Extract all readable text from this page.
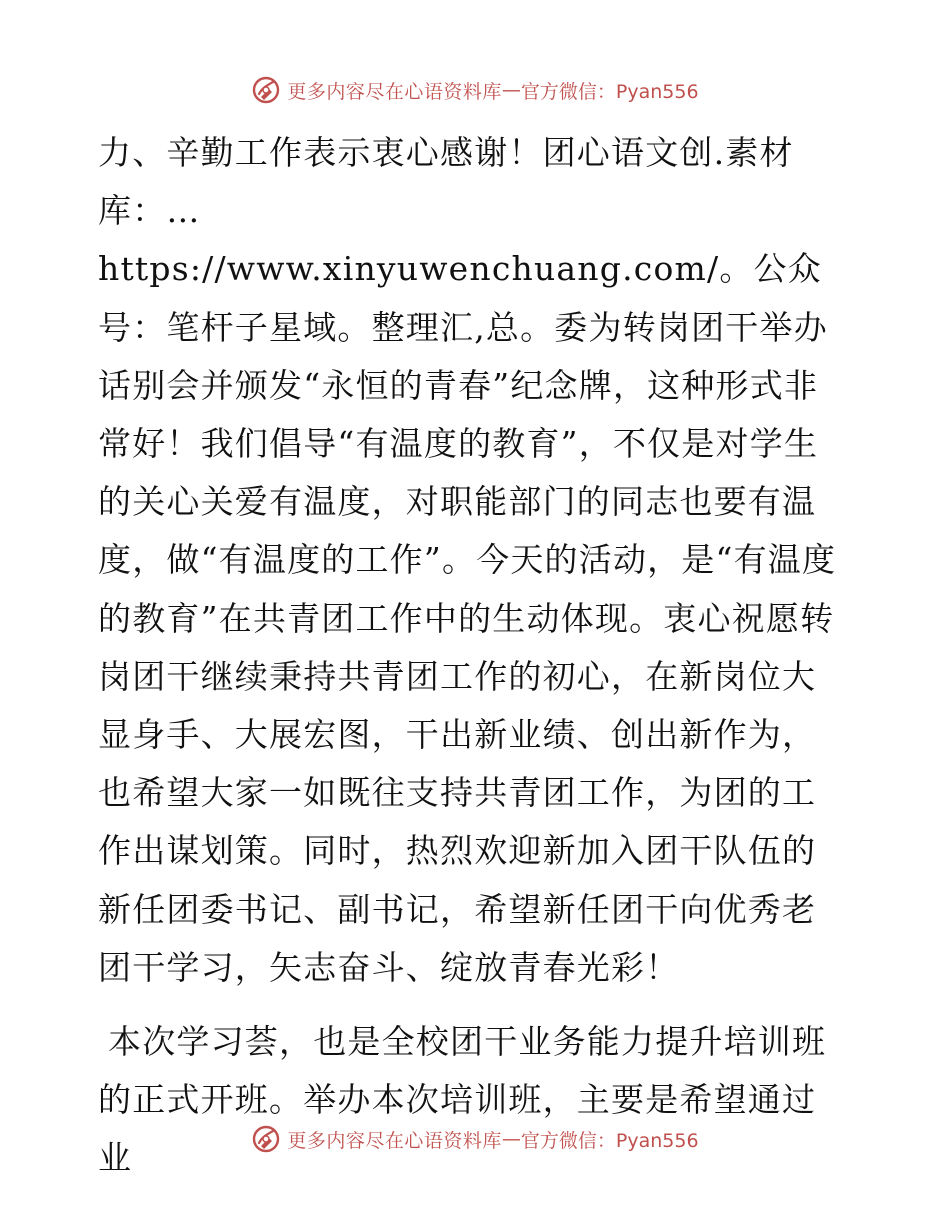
更多内容尽在心语资料库 — 官方微信：Pyan556

力、辛勤工作表示衷心感谢！团心语文创.素材库：…https://www.xinyuwenchuang.com/。公众号：笔杆子星域。整理汇,总。委为转岗团干举办话别会并颁发“永恒的青春”纪念牌，这种形式非常好！我们倡导“有温度的教育”，不仅是对学生的关心关爱有温度，对职能部门的同志也要有温度，做“有温度的工作”。今天的活动，是“有温度的教育”在共青团工作中的生动体现。衷心祝愿转岗团干继续秉持共青团工作的初心，在新岗位大显身手、大展宏图，干出新业绩、创出新作为，也希望大家一如既往支持共青团工作，为团的工作出谋划策。同时，热烈欢迎新加入团干队伍的新任团委书记、副书记，希望新任团干向优秀老团干学习，矢志奋斗、绽放青春光彩！

本次学习荟，也是全校团干业务能力提升培训班的正式开班。举办本次培训班，主要是希望通过业	更多内容尽在心语资料库 — 官方微信：Pyan556
